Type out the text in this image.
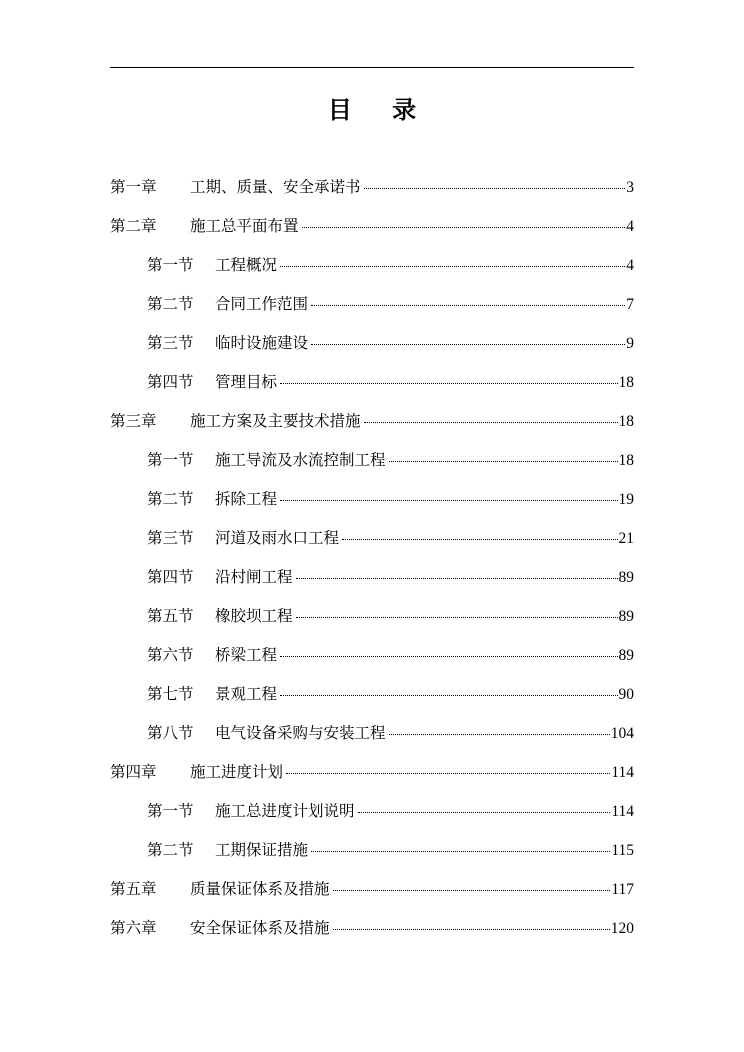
目 录
第一章	工期、质量、安全承诺书	3
第二章	施工总平面布置	4
第一节	工程概况	4
第二节	合同工作范围	7
第三节	临时设施建设	9
第四节	管理目标	18
第三章	施工方案及主要技术措施	18
第一节	施工导流及水流控制工程	18
第二节	拆除工程	19
第三节	河道及雨水口工程	21
第四节	沿村闸工程	89
第五节	橡胶坝工程	89
第六节	桥梁工程	89
第七节	景观工程	90
第八节	电气设备采购与安装工程	104
第四章	施工进度计划	114
第一节	施工总进度计划说明	114
第二节	工期保证措施	115
第五章	质量保证体系及措施	117
第六章	安全保证体系及措施	120
